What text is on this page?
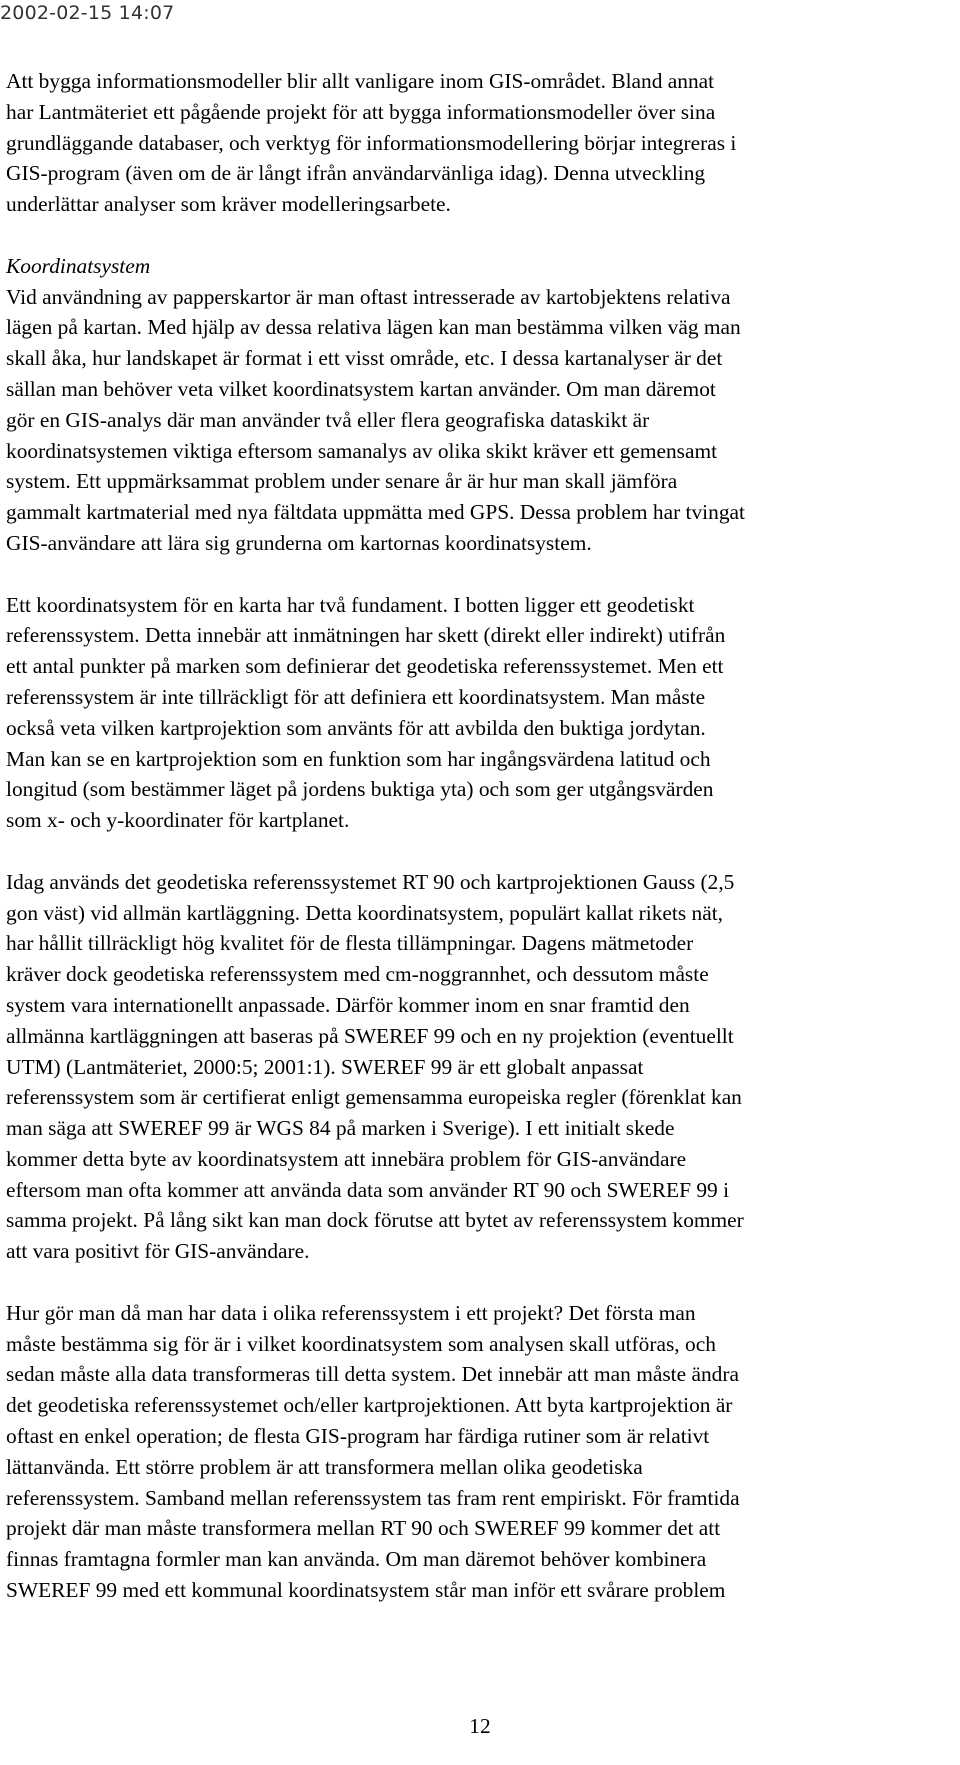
2002-02-15 14:07
Att bygga informationsmodeller blir allt vanligare inom GIS-området. Bland annat
har Lantmäteriet ett pågående projekt för att bygga informationsmodeller över sina
grundläggande databaser, och verktyg för informationsmodellering börjar integreras i
GIS-program (även om de är långt ifrån användarvänliga idag). Denna utveckling
underlättar analyser som kräver modelleringsarbete.
Koordinatsystem
Vid användning av papperskartor är man oftast intresserade av kartobjektens relativa
lägen på kartan. Med hjälp av dessa relativa lägen kan man bestämma vilken väg man
skall åka, hur landskapet är format i ett visst område, etc. I dessa kartanalyser är det
sällan man behöver veta vilket koordinatsystem kartan använder. Om man däremot
gör en GIS-analys där man använder två eller flera geografiska dataskikt är
koordinatsystemen viktiga eftersom samanalys av olika skikt kräver ett gemensamt
system. Ett uppmärksammat problem under senare år är hur man skall jämföra
gammalt kartmaterial med nya fältdata uppmätta med GPS. Dessa problem har tvingat
GIS-användare att lära sig grunderna om kartornas koordinatsystem.
Ett koordinatsystem för en karta har två fundament. I botten ligger ett geodetiskt
referenssystem. Detta innebär att inmätningen har skett (direkt eller indirekt) utifrån
ett antal punkter på marken som definierar det geodetiska referenssystemet. Men ett
referenssystem är inte tillräckligt för att definiera ett koordinatsystem. Man måste
också veta vilken kartprojektion som använts för att avbilda den buktiga jordytan.
Man kan se en kartprojektion som en funktion som har ingångsvärdena latitud och
longitud (som bestämmer läget på jordens buktiga yta) och som ger utgångsvärden
som x- och y-koordinater för kartplanet.
Idag används det geodetiska referenssystemet RT 90 och kartprojektionen Gauss (2,5
gon väst) vid allmän kartläggning. Detta koordinatsystem, populärt kallat rikets nät,
har hållit tillräckligt hög kvalitet för de flesta tillämpningar. Dagens mätmetoder
kräver dock geodetiska referenssystem med cm-noggrannhet, och dessutom måste
system vara internationellt anpassade. Därför kommer inom en snar framtid den
allmänna kartläggningen att baseras på SWEREF 99 och en ny projektion (eventuellt
UTM) (Lantmäteriet, 2000:5; 2001:1). SWEREF 99 är ett globalt anpassat
referenssystem som är certifierat enligt gemensamma europeiska regler (förenklat kan
man säga att SWEREF 99 är WGS 84 på marken i Sverige). I ett initialt skede
kommer detta byte av koordinatsystem att innebära problem för GIS-användare
eftersom man ofta kommer att använda data som använder RT 90 och SWEREF 99 i
samma projekt. På lång sikt kan man dock förutse att bytet av referenssystem kommer
att vara positivt för GIS-användare.
Hur gör man då man har data i olika referenssystem i ett projekt? Det första man
måste bestämma sig för är i vilket koordinatsystem som analysen skall utföras, och
sedan måste alla data transformeras till detta system. Det innebär att man måste ändra
det geodetiska referenssystemet och/eller kartprojektionen. Att byta kartprojektion är
oftast en enkel operation; de flesta GIS-program har färdiga rutiner som är relativt
lättanvända. Ett större problem är att transformera mellan olika geodetiska
referenssystem. Samband mellan referenssystem tas fram rent empiriskt. För framtida
projekt där man måste transformera mellan RT 90 och SWEREF 99 kommer det att
finnas framtagna formler man kan använda. Om man däremot behöver kombinera
SWEREF 99 med ett kommunal koordinatsystem står man inför ett svårare problem
12
